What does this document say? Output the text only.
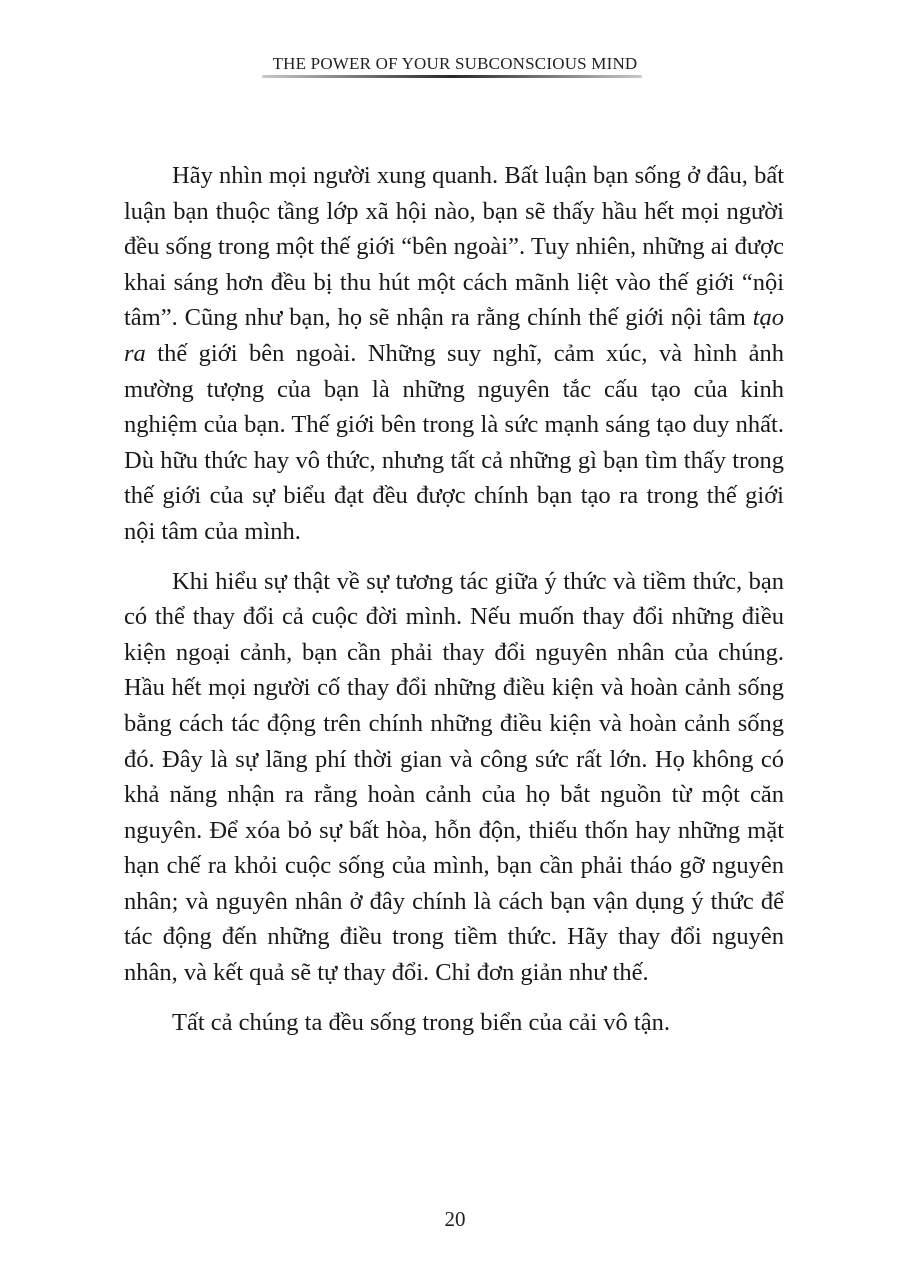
THE POWER OF YOUR SUBCONSCIOUS MIND

Hãy nhìn mọi người xung quanh. Bất luận bạn sống ở đâu, bất luận bạn thuộc tầng lớp xã hội nào, bạn sẽ thấy hầu hết mọi người đều sống trong một thế giới “bên ngoài”. Tuy nhiên, những ai được khai sáng hơn đều bị thu hút một cách mãnh liệt vào thế giới “nội tâm”. Cũng như bạn, họ sẽ nhận ra rằng chính thế giới nội tâm tạo ra thế giới bên ngoài. Những suy nghĩ, cảm xúc, và hình ảnh mường tượng của bạn là những nguyên tắc cấu tạo của kinh nghiệm của bạn. Thế giới bên trong là sức mạnh sáng tạo duy nhất. Dù hữu thức hay vô thức, nhưng tất cả những gì bạn tìm thấy trong thế giới của sự biểu đạt đều được chính bạn tạo ra trong thế giới nội tâm của mình.

Khi hiểu sự thật về sự tương tác giữa ý thức và tiềm thức, bạn có thể thay đổi cả cuộc đời mình. Nếu muốn thay đổi những điều kiện ngoại cảnh, bạn cần phải thay đổi nguyên nhân của chúng. Hầu hết mọi người cố thay đổi những điều kiện và hoàn cảnh sống bằng cách tác động trên chính những điều kiện và hoàn cảnh sống đó. Đây là sự lãng phí thời gian và công sức rất lớn. Họ không có khả năng nhận ra rằng hoàn cảnh của họ bắt nguồn từ một căn nguyên. Để xóa bỏ sự bất hòa, hỗn độn, thiếu thốn hay những mặt hạn chế ra khỏi cuộc sống của mình, bạn cần phải tháo gỡ nguyên nhân; và nguyên nhân ở đây chính là cách bạn vận dụng ý thức để tác động đến những điều trong tiềm thức. Hãy thay đổi nguyên nhân, và kết quả sẽ tự thay đổi. Chỉ đơn giản như thế.

Tất cả chúng ta đều sống trong biển của cải vô tận.

20
